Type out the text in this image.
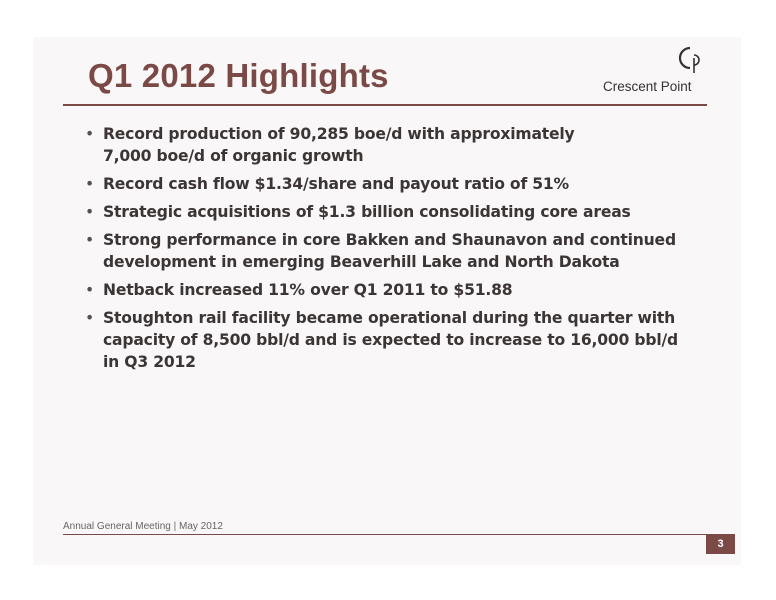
Q1 2012 Highlights	Crescent Point
• Record production of 90,285 boe/d with approximately
7,000 boe/d of organic growth
• Record cash flow $1.34/share and payout ratio of 51%
• Strategic acquisitions of $1.3 billion consolidating core areas
• Strong performance in core Bakken and Shaunavon and continued
development in emerging Beaverhill Lake and North Dakota
• Netback increased 11% over Q1 2011 to $51.88
• Stoughton rail facility became operational during the quarter with
capacity of 8,500 bbl/d and is expected to increase to 16,000 bbl/d
in Q3 2012
Annual General Meeting | May 2012
3
